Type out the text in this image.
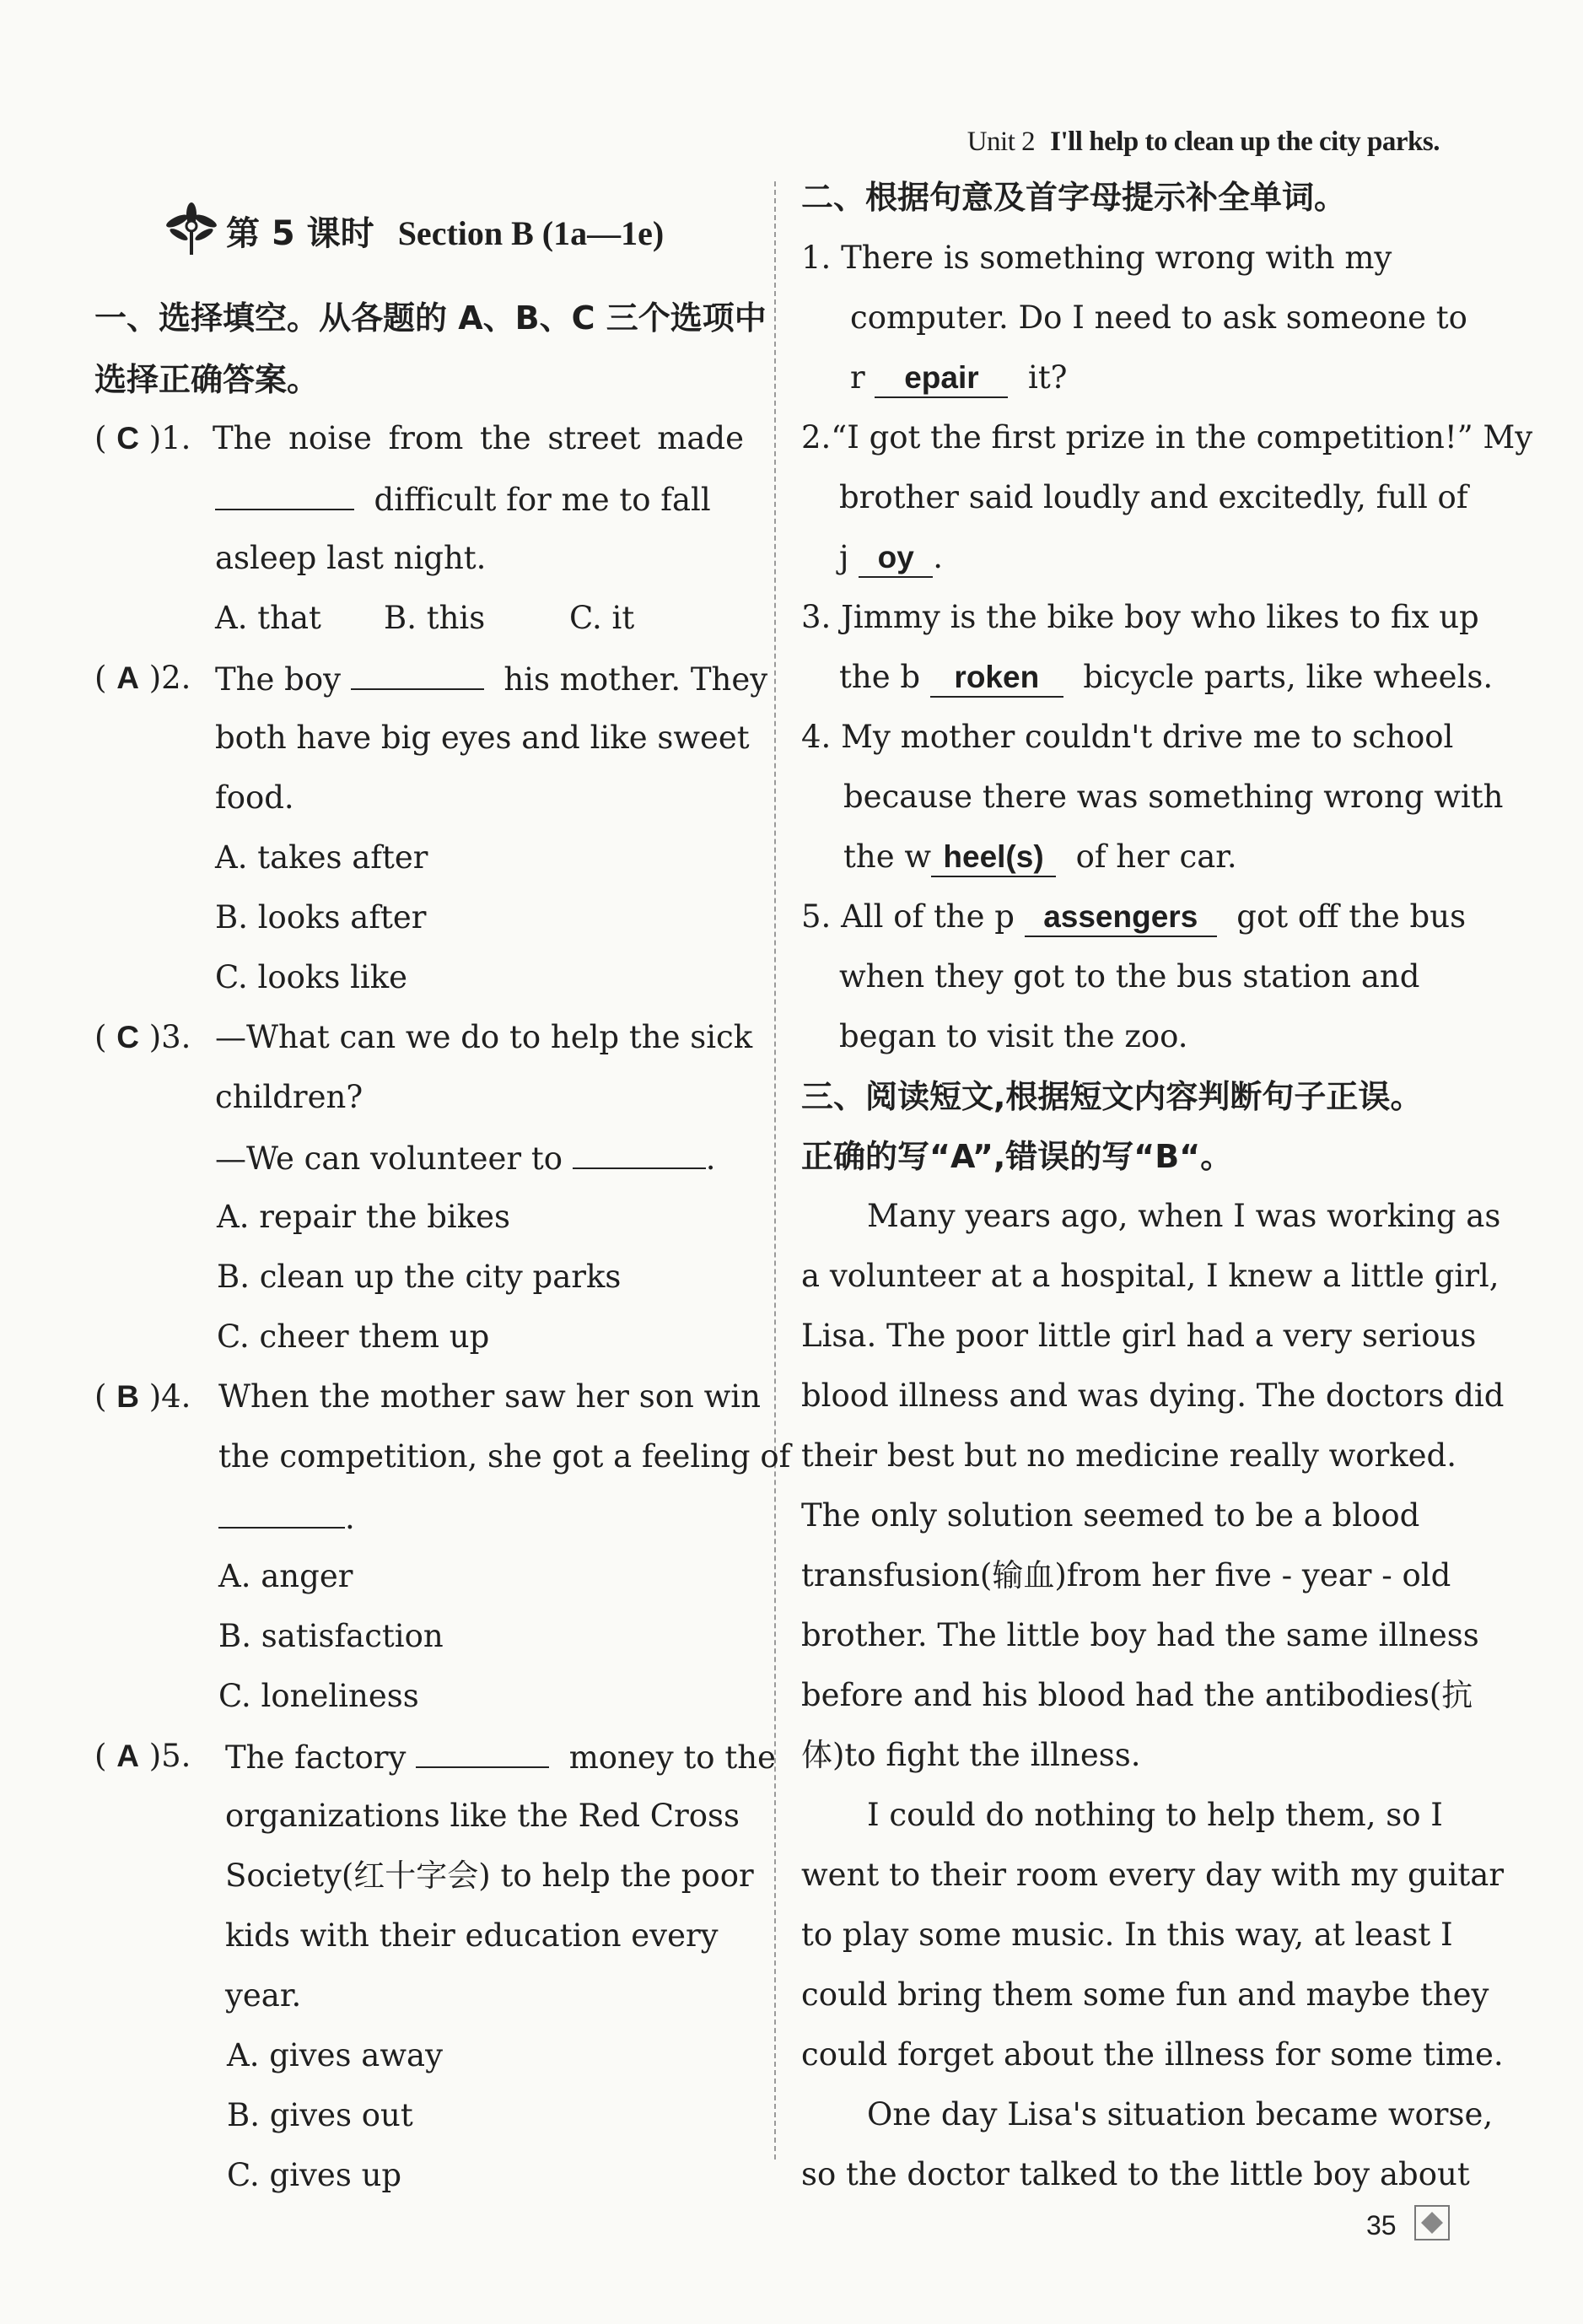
Unit 2 I'll help to clean up the city parks.
第 5 课时 Section B (1a—1e)
一、选择填空。从各题的 A、B、C 三个选项中
选择正确答案。
( C )1. The noise from the street made
difficult for me to fall
asleep last night.
A. that B. this	C. it
( A )2. The boy	his mother. They
both have big eyes and like sweet
food.
A. takes after
B. looks after
C. looks like
( C )3. —What can we do to help the sick
children?
—We can volunteer to	.
A. repair the bikes
B. clean up the city parks
C. cheer them up
( B )4. When the mother saw her son win
the competition, she got a feeling of
.
A. anger
B. satisfaction
C. loneliness
( A )5. The factory	money to the
organizations like the Red Cross
Society(红十字会) to help the poor
kids with their education every
year.
A. gives away
B. gives out
C. gives up
二、根据句意及首字母提示补全单词。
1. There is something wrong with my
computer. Do I need to ask someone to
r epair it?
2.“I got the first prize in the competition!” My
brother said loudly and excitedly, full of
j oy .
3. Jimmy is the bike boy who likes to fix up
the b roken bicycle parts, like wheels.
4. My mother couldn't drive me to school
because there was something wrong with
the w heel(s) of her car.
5. All of the p assengers got off the bus
when they got to the bus station and
began to visit the zoo.
三、阅读短文,根据短文内容判断句子正误。
正确的写“A”,错误的写“B“。
Many years ago, when I was working as
a volunteer at a hospital, I knew a little girl,
Lisa. The poor little girl had a very serious
blood illness and was dying. The doctors did
their best but no medicine really worked.
The only solution seemed to be a blood
transfusion(输血)from her five - year - old
brother. The little boy had the same illness
before and his blood had the antibodies(抗
体)to fight the illness.
I could do nothing to help them, so I
went to their room every day with my guitar
to play some music. In this way, at least I
could bring them some fun and maybe they
could forget about the illness for some time.
One day Lisa's situation became worse,
so the doctor talked to the little boy about
35
